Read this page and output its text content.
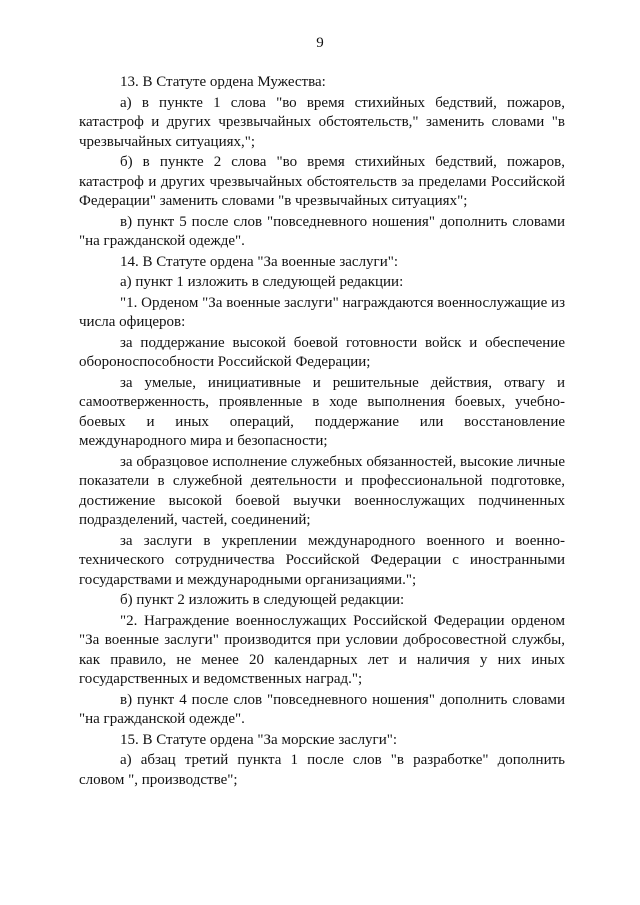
9

13. В Статуте ордена Мужества:

а) в пункте 1 слова "во время стихийных бедствий, пожаров, катастроф и других чрезвычайных обстоятельств," заменить словами "в чрезвычайных ситуациях,";

б) в пункте 2 слова "во время стихийных бедствий, пожаров, катастроф и других чрезвычайных обстоятельств за пределами Российской Федерации" заменить словами "в чрезвычайных ситуациях";

в) пункт 5 после слов "повседневного ношения" дополнить словами "на гражданской одежде".

14. В Статуте ордена "За военные заслуги":

а) пункт 1 изложить в следующей редакции:

"1. Орденом "За военные заслуги" награждаются военнослужащие из числа офицеров:

за поддержание высокой боевой готовности войск и обеспечение обороноспособности Российской Федерации;

за умелые, инициативные и решительные действия, отвагу и самоотверженность, проявленные в ходе выполнения боевых, учебно-боевых и иных операций, поддержание или восстановление международного мира и безопасности;

за образцовое исполнение служебных обязанностей, высокие личные показатели в служебной деятельности и профессиональной подготовке, достижение высокой боевой выучки военнослужащих подчиненных подразделений, частей, соединений;

за заслуги в укреплении международного военного и военно-технического сотрудничества Российской Федерации с иностранными государствами и международными организациями.";

б) пункт 2 изложить в следующей редакции:

"2. Награждение военнослужащих Российской Федерации орденом "За военные заслуги" производится при условии добросовестной службы, как правило, не менее 20 календарных лет и наличия у них иных государственных и ведомственных наград.";

в) пункт 4 после слов "повседневного ношения" дополнить словами "на гражданской одежде".

15. В Статуте ордена "За морские заслуги":

а) абзац третий пункта 1 после слов "в разработке" дополнить словом ", производстве";
